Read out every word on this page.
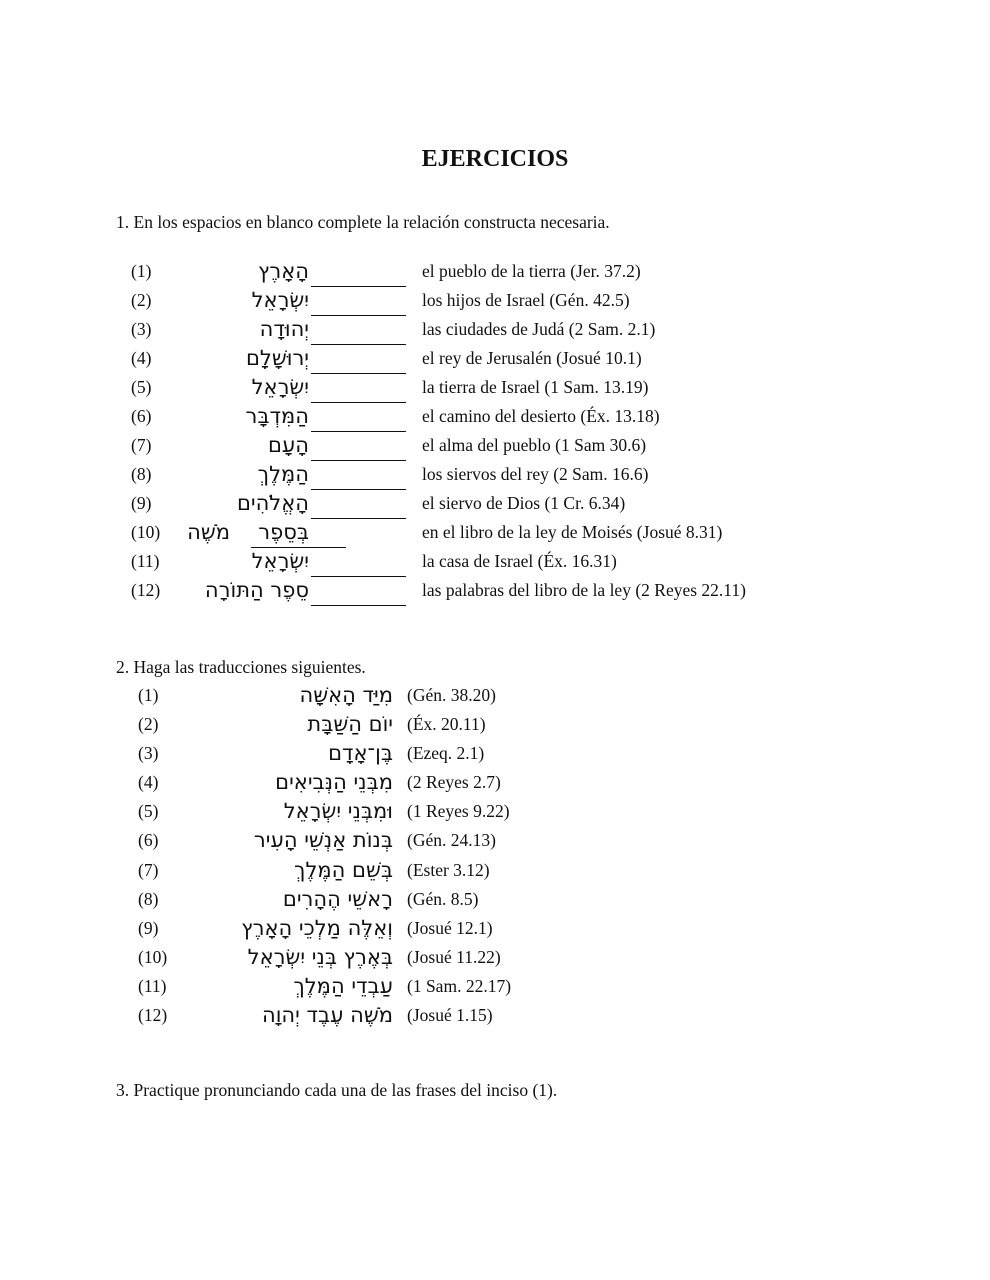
EJERCICIOS
1. En los espacios en blanco complete la relación constructa necesaria.
(1)	הָאָרֶץ	el pueblo de la tierra (Jer. 37.2)
(2)	יִשְׂרָאֵל	los hijos de Israel (Gén. 42.5)
(3)	יְהוּדָה	las ciudades de Judá (2 Sam. 2.1)
(4)	יְרוּשָׁלִָם	el rey de Jerusalén (Josué 10.1)
(5)	יִשְׂרָאֵל	la tierra de Israel (1 Sam. 13.19)
(6)	הַמִּדְבָּר	el camino del desierto (Éx. 13.18)
(7)	הָעָם	el alma del pueblo (1 Sam 30.6)
(8)	הַמֶּלֶךְ	los siervos del rey (2 Sam. 16.6)
(9)	הָאֱלֹהִים	el siervo de Dios (1 Cr. 6.34)
(10) מֹשֶׁה בְּסֵפֶר	en el libro de la ley de Moisés (Josué 8.31)
(11)	יִשְׂרָאֵל	la casa de Israel (Éx. 16.31)
(12) סֵפֶר הַתּוֹרָה	las palabras del libro de la ley (2 Reyes 22.11)
2. Haga las traducciones siguientes.
(1)	מִיַּד הָאִשָּׁה (Gén. 38.20)
(2)	יוֹם הַשַּׁבָּת (Éx. 20.11)
(3)	בֶּן־אָדָם (Ezeq. 2.1)
(4)	מִבְּנֵי הַנְּבִיאִים (2 Reyes 2.7)
(5)	וּמִבְּנֵי יִשְׂרָאֵל (1 Reyes 9.22)
(6)	בְּנוֹת אַנְשֵׁי הָעִיר (Gén. 24.13)
(7)	בְּשֵׁם הַמֶּלֶךְ (Ester 3.12)
(8)	רָאשֵׁי הֶהָרִים (Gén. 8.5)
(9)	וְאֵלֶּה מַלְכֵי הָאָרֶץ (Josué 12.1)
(10)	בְּאֶרֶץ בְּנֵי יִשְׂרָאֵל (Josué 11.22)
(11)	עַבְדֵי הַמֶּלֶךְ (1 Sam. 22.17)
(12)	מֹשֶׁה עֶבֶד יְהוָה (Josué 1.15)
3. Practique pronunciando cada una de las frases del inciso (1).
